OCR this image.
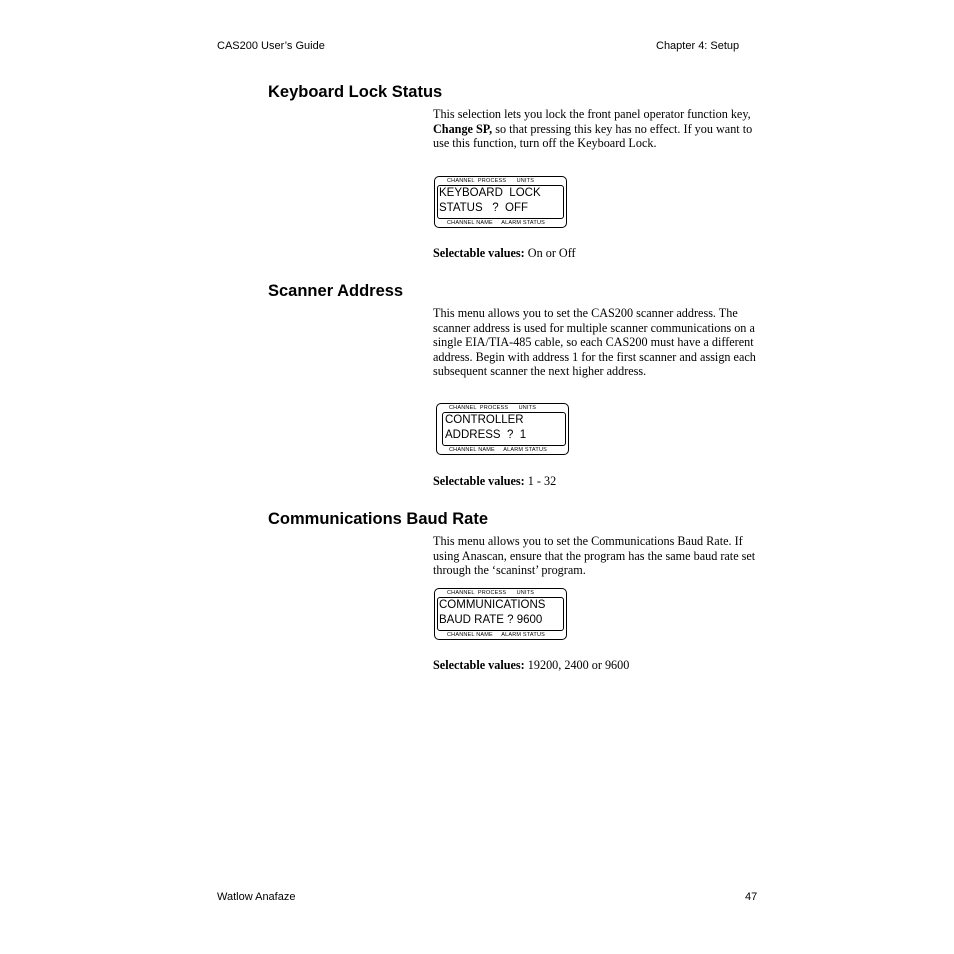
CAS200 User’s Guide	Chapter 4: Setup
Keyboard Lock Status

This selection lets you lock the front panel operator function key, Change SP, so that pressing this key has no effect. If you want to use this function, turn off the Keyboard Lock.

CHANNEL  PROCESS      UNITS
KEYBOARD  LOCK
STATUS   ?  OFF
CHANNEL NAME     ALARM STATUS

Selectable values: On or Off

Scanner Address

This menu allows you to set the CAS200 scanner address. The scanner address is used for multiple scanner communications on a single EIA/TIA-485 cable, so each CAS200 must have a different address. Begin with address 1 for the first scanner and assign each subsequent scanner the next higher address.

CHANNEL  PROCESS      UNITS
CONTROLLER
ADDRESS  ?  1
CHANNEL NAME     ALARM STATUS

Selectable values: 1 - 32

Communications Baud Rate

This menu allows you to set the Communications Baud Rate. If using Anascan, ensure that the program has the same baud rate set through the ‘scaninst’ program.

CHANNEL  PROCESS      UNITS
COMMUNICATIONS
BAUD RATE ? 9600
CHANNEL NAME     ALARM STATUS

Selectable values: 19200, 2400 or 9600

Watlow Anafaze	47
